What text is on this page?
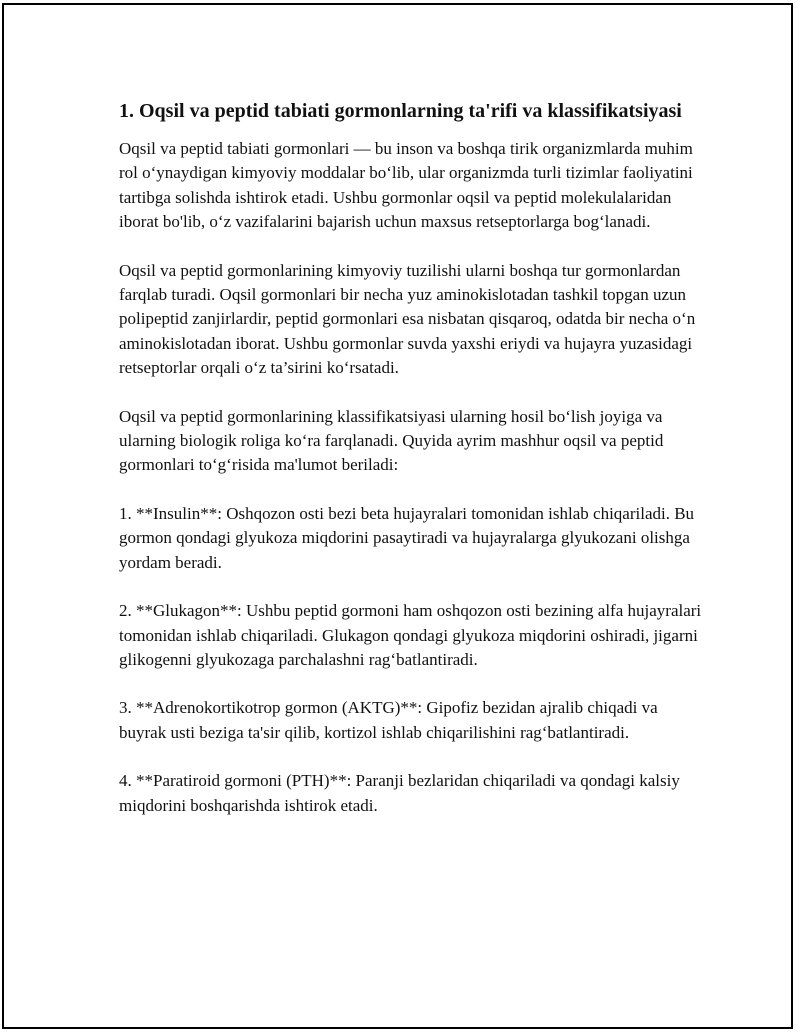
1. Oqsil va peptid tabiati gormonlarning ta'rifi va klassifikatsiyasi

Oqsil va peptid tabiati gormonlari — bu inson va boshqa tirik organizmlarda muhim rol o‘ynaydigan kimyoviy moddalar bo‘lib, ular organizmda turli tizimlar faoliyatini tartibga solishda ishtirok etadi. Ushbu gormonlar oqsil va peptid molekulalaridan iborat bo'lib, o‘z vazifalarini bajarish uchun maxsus retseptorlarga bog‘lanadi.

Oqsil va peptid gormonlarining kimyoviy tuzilishi ularni boshqa tur gormonlardan farqlab turadi. Oqsil gormonlari bir necha yuz aminokislotadan tashkil topgan uzun polipeptid zanjirlardir, peptid gormonlari esa nisbatan qisqaroq, odatda bir necha o‘n aminokislotadan iborat. Ushbu gormonlar suvda yaxshi eriydi va hujayra yuzasidagi retseptorlar orqali o‘z ta’sirini ko‘rsatadi.

Oqsil va peptid gormonlarining klassifikatsiyasi ularning hosil bo‘lish joyiga va ularning biologik roliga ko‘ra farqlanadi. Quyida ayrim mashhur oqsil va peptid gormonlari to‘g‘risida ma'lumot beriladi:

1. **Insulin**: Oshqozon osti bezi beta hujayralari tomonidan ishlab chiqariladi. Bu gormon qondagi glyukoza miqdorini pasaytiradi va hujayralarga glyukozani olishga yordam beradi.

2. **Glukagon**: Ushbu peptid gormoni ham oshqozon osti bezining alfa hujayralari tomonidan ishlab chiqariladi. Glukagon qondagi glyukoza miqdorini oshiradi, jigarni glikogenni glyukozaga parchalashni rag‘batlantiradi.

3. **Adrenokortikotrop gormon (AKTG)**: Gipofiz bezidan ajralib chiqadi va buyrak usti beziga ta'sir qilib, kortizol ishlab chiqarilishini rag‘batlantiradi.

4. **Paratiroid gormoni (PTH)**: Paranji bezlaridan chiqariladi va qondagi kalsiy miqdorini boshqarishda ishtirok etadi.
